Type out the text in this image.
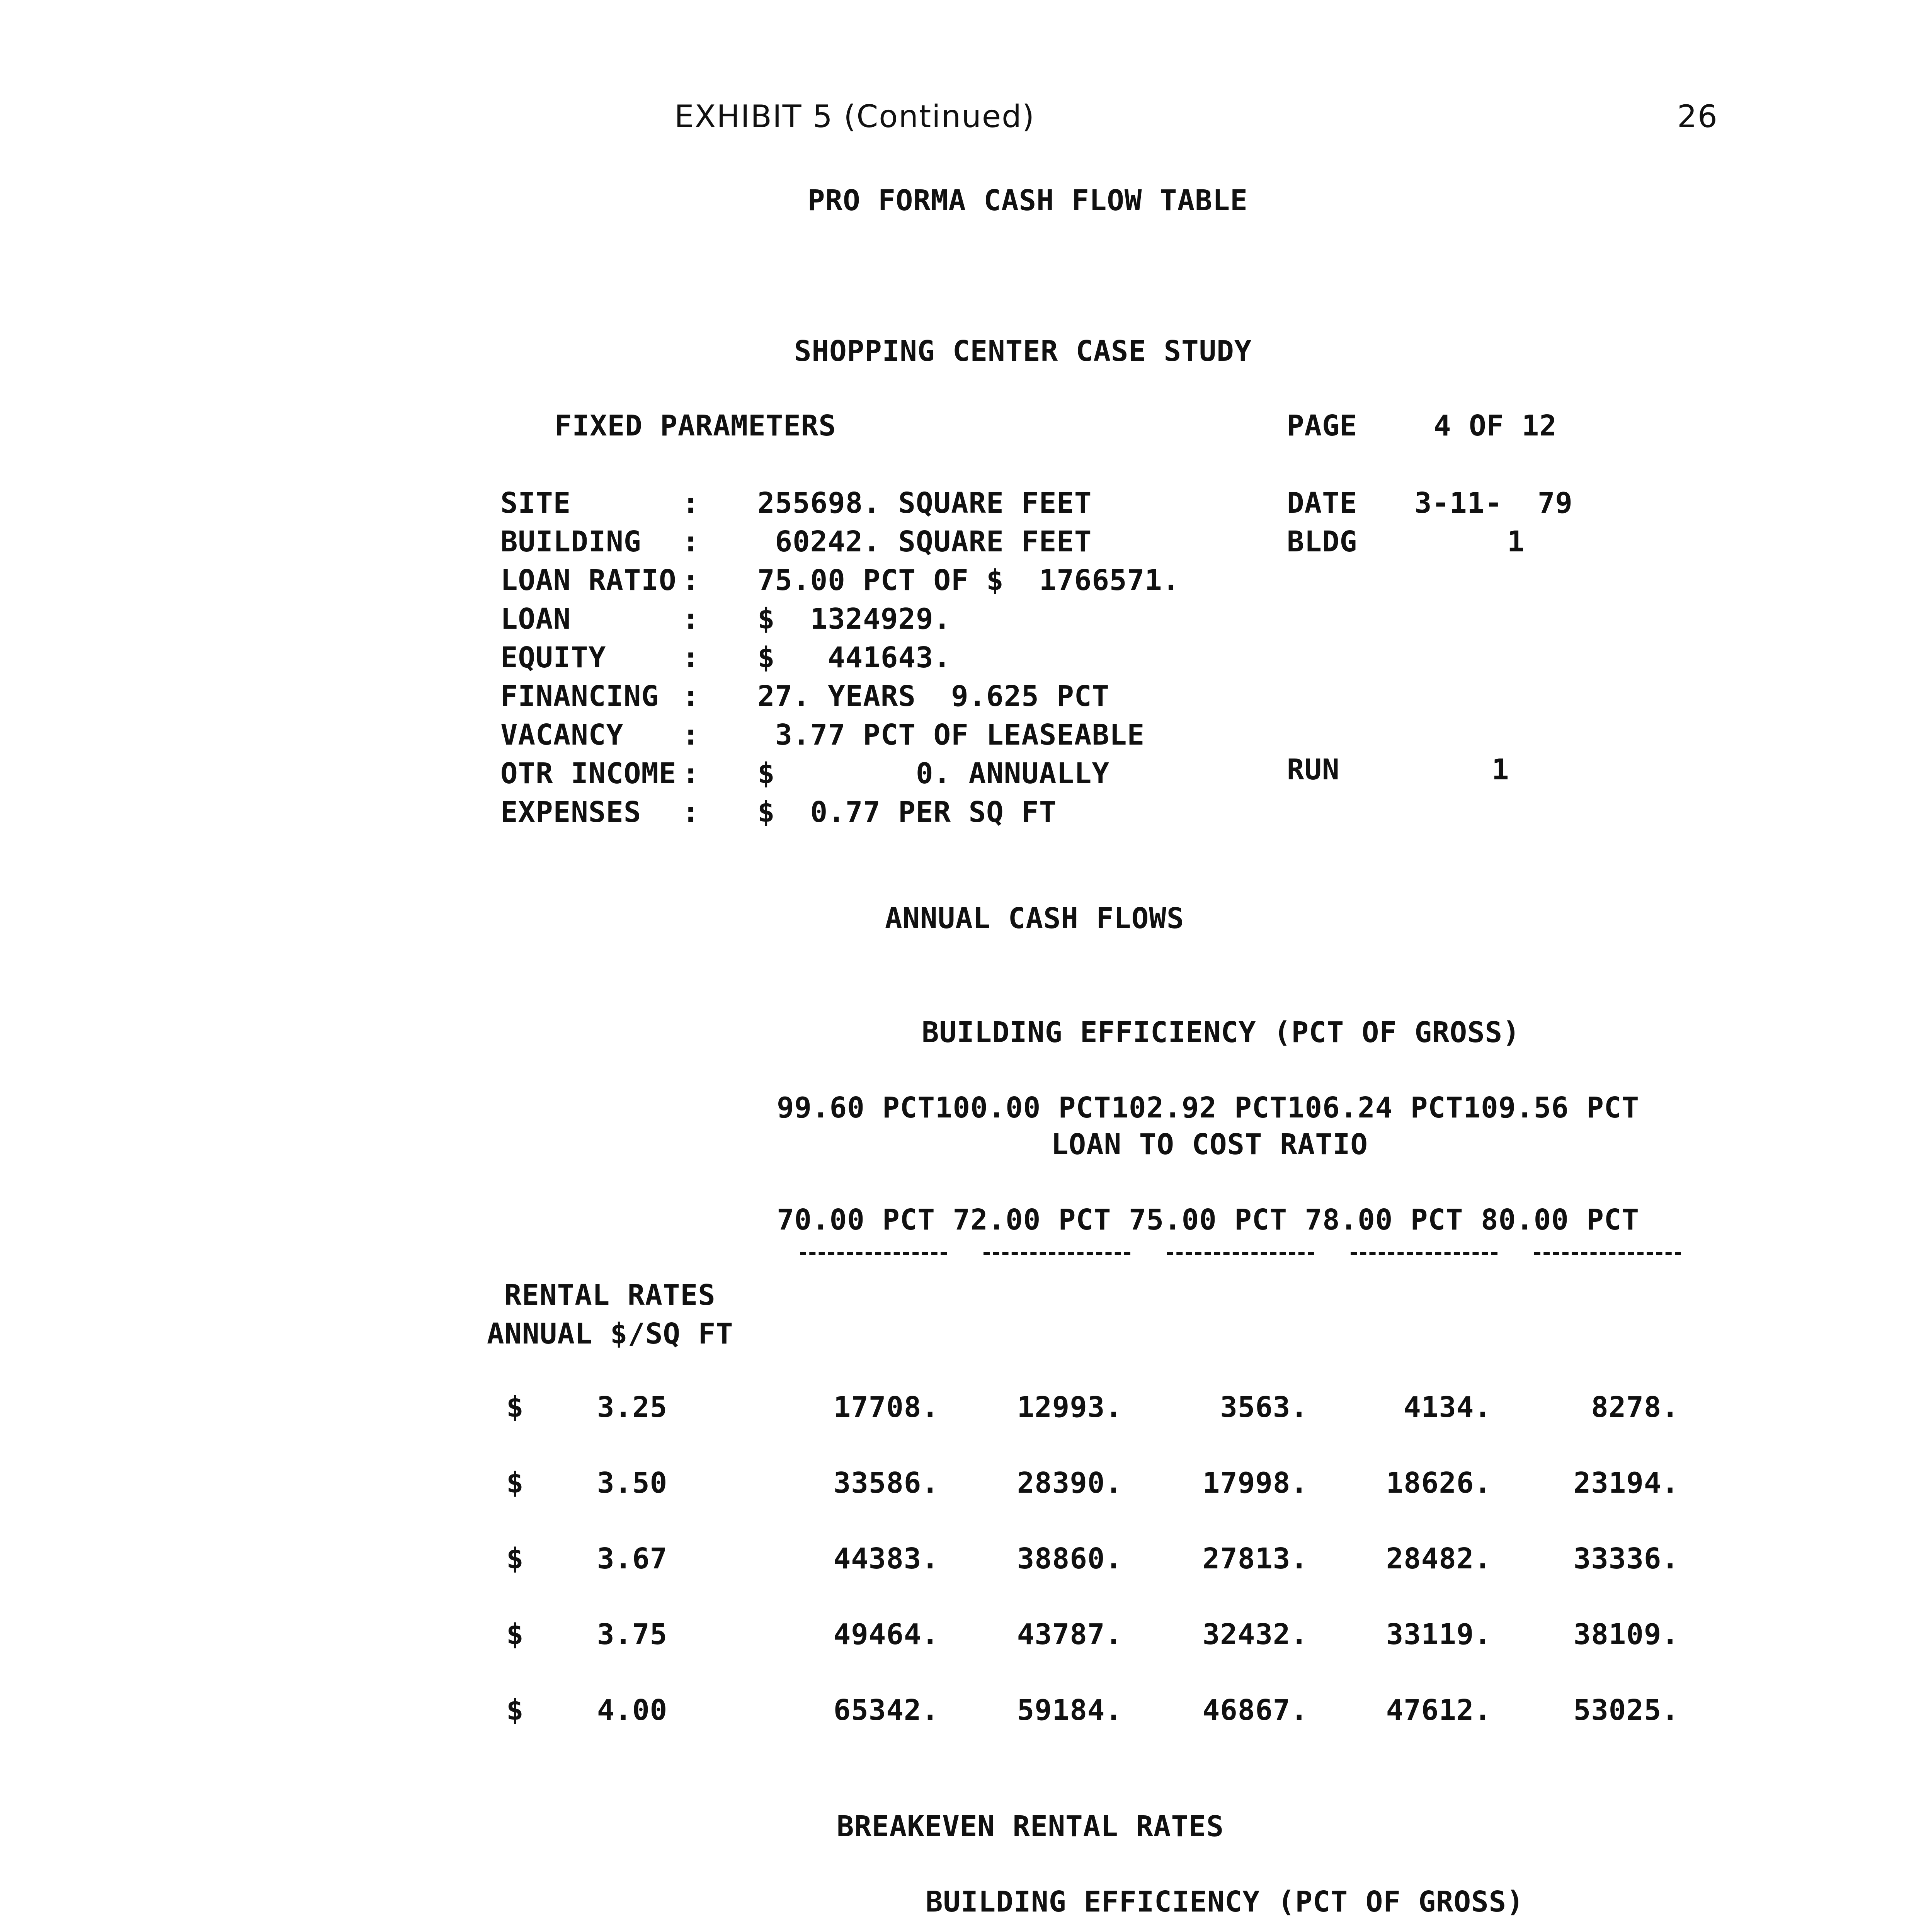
EXHIBIT 5 (Continued)	26
PRO FORMA CASH FLOW TABLE
SHOPPING CENTER CASE STUDY
FIXED PARAMETERS	PAGE	4 OF 12
SITE	: 255698. SQUARE FEET
BUILDING : 60242. SQUARE FEET
LOAN RATIO : 75.00 PCT OF $  1766571.
LOAN	: $  1324929.
EQUITY	: $   441643.
FINANCING : 27. YEARS  9.625 PCT
VACANCY : 3.77 PCT OF LEASEABLE
OTR INCOME : $        0. ANNUALLY
EXPENSES : $  0.77 PER SQ FT
DATE 3-11-  79
BLDG	1
RUN	1
ANNUAL CASH FLOWS
BUILDING EFFICIENCY (PCT OF GROSS)
99.60 PCT100.00 PCT102.92 PCT106.24 PCT109.56 PCT
LOAN TO COST RATIO
70.00 PCT 72.00 PCT 75.00 PCT 78.00 PCT 80.00 PCT
RENTAL RATES
ANNUAL $/SQ FT
$	3.25	17708.	12993.	3563.	4134.	8278.
$	3.50	33586.	28390.	17998.	18626.	23194.
$	3.67	44383.	38860.	27813.	28482.	33336.
$	3.75	49464.	43787.	32432.	33119.	38109.
$	4.00	65342.	59184.	46867.	47612.	53025.
BREAKEVEN RENTAL RATES
BUILDING EFFICIENCY (PCT OF GROSS)
